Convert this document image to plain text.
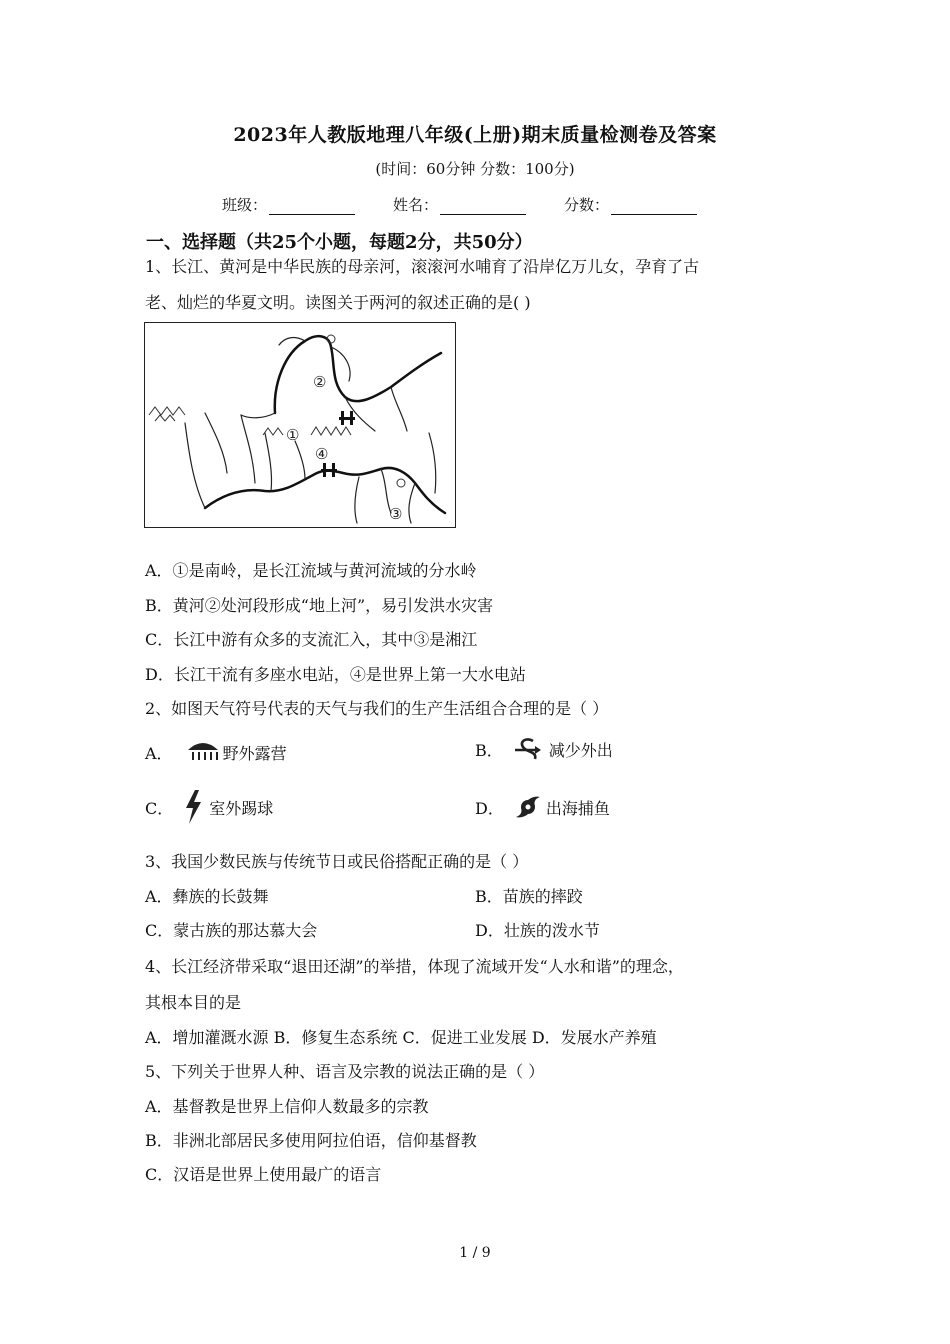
2023年人教版地理八年级(上册)期末质量检测卷及答案
(时间：60分钟 分数：100分)
班级：	姓名：	分数：
一、选择题（共25个小题，每题2分，共50分）
1、长江、黄河是中华民族的母亲河，滚滚河水哺育了沿岸亿万儿女，孕育了古
老、灿烂的华夏文明。读图关于两河的叙述正确的是( )
②
①
④
③
A．①是南岭，是长江流域与黄河流域的分水岭
B．黄河②处河段形成“地上河”，易引发洪水灾害
C．长江中游有众多的支流汇入，其中③是湘江
D．长江干流有多座水电站，④是世界上第一大水电站
2、如图天气符号代表的天气与我们的生产生活组合合理的是（ ）
A．	野外露营	B．	减少外出
C． 室外踢球	D．	出海捕鱼
3、我国少数民族与传统节日或民俗搭配正确的是（ ）
A．彝族的长鼓舞	B．苗族的摔跤
C．蒙古族的那达慕大会	D．壮族的泼水节
4、长江经济带采取“退田还湖”的举措，体现了流域开发“人水和谐”的理念，
其根本目的是
A．增加灌溉水源 B．修复生态系统 C．促进工业发展 D．发展水产养殖
5、下列关于世界人种、语言及宗教的说法正确的是（ ）
A．基督教是世界上信仰人数最多的宗教
B．非洲北部居民多使用阿拉伯语，信仰基督教
C．汉语是世界上使用最广的语言
1 / 9
